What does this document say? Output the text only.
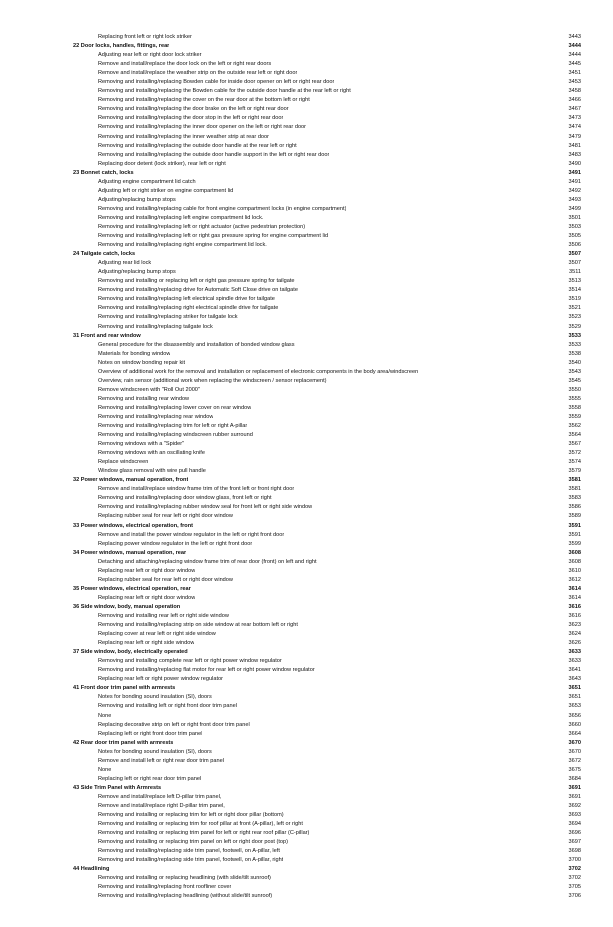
Replacing front left or right lock striker	3443
22 Door locks, handles, fittings, rear	3444
Adjusting rear left or right door lock striker	3444
Remove and install/replace the door lock on the left or right rear doors	3445
Remove and install/replace the weather strip on the outside rear left or right door	3451
Removing and installing/replacing Bowden cable for inside door opener on left or right rear door	3453
Removing and installing/replacing the Bowden cable for the outside door handle at the rear left or right	3458
Removing and installing/replacing the cover on the rear door at the bottom left or right	3466
Removing and installing/replacing the door brake on the left or right rear door	3467
Removing and installing/replacing the door stop in the left or right rear door	3473
Removing and installing/replacing the inner door opener on the left or right rear door	3474
Removing and installing/replacing the inner weather strip at rear door	3479
Removing and installing/replacing the outside door handle at the rear left or right	3481
Removing and installing/replacing the outside door handle support in the left or right rear door	3483
Replacing door detent (lock striker), rear left or right	3490
23 Bonnet catch, locks	3491
Adjusting engine compartment lid catch	3491
Adjusting left or right striker on engine compartment lid	3492
Adjusting/replacing bump stops	3493
Removing and installing/replacing cable for front engine compartment locks (in engine compartment)	3499
Removing and installing/replacing left engine compartment lid lock.	3501
Removing and installing/replacing left or right actuator (active pedestrian protection)	3503
Removing and installing/replacing left or right gas pressure spring for engine compartment lid	3505
Removing and installing/replacing right engine compartment lid lock.	3506
24 Tailgate catch, locks	3507
Adjusting rear lid lock	3507
Adjusting/replacing bump stops	3511
Removing and installing or replacing left or right gas pressure spring for tailgate	3513
Removing and installing/replacing drive for Automatic Soft Close drive on tailgate	3514
Removing and installing/replacing left electrical spindle drive for tailgate	3519
Removing and installing/replacing right electrical spindle drive for tailgate	3521
Removing and installing/replacing striker for tailgate lock	3523
Removing and installing/replacing tailgate lock	3529
31 Front and rear window	3533
General procedure for the disassembly and installation of bonded window glass	3533
Materials for bonding window	3538
Notes on window bonding repair kit	3540
Overview of additional work for the removal and installation or replacement of electronic components in the body area/windscreen	3543
Overview, rain sensor (additional work when replacing the windscreen / sensor replacement)	3545
Remove windscreen with "Roll Out 2000"	3550
Removing and installing rear window	3555
Removing and installing/replacing lower cover on rear window	3558
Removing and installing/replacing rear window	3559
Removing and installing/replacing trim for left or right A-pillar	3562
Removing and installing/replacing windscreen rubber surround	3564
Removing windows with a "Spider"	3567
Removing windows with an oscillating knife	3572
Replace windscreen	3574
Window glass removal with wire pull handle	3579
32 Power windows, manual operation, front	3581
Remove and install/replace window frame trim of the front left or front right door	3581
Removing and installing/replacing door window glass, front left or right	3583
Removing and installing/replacing rubber window seal for front left or right side window	3586
Replacing rubber seal for rear left or right door window	3589
33 Power windows, electrical operation, front	3591
Remove and install the power window regulator in the left or right front door	3591
Replacing power window regulator in the left or right front door	3599
34 Power windows, manual operation, rear	3608
Detaching and attaching/replacing window frame trim of rear door (front) on left and right	3608
Replacing rear left or right door window	3610
Replacing rubber seal for rear left or right door window	3612
35 Power windows, electrical operation, rear	3614
Replacing rear left or right door window	3614
36 Side window, body, manual operation	3616
Removing and installing rear left or right side window	3616
Removing and installing/replacing strip on side window at rear bottom left or right	3623
Replacing cover at rear left or right side window	3624
Replacing rear left or right side window	3626
37 Side window, body, electrically operated	3633
Removing and installing complete rear left or right power window regulator	3633
Removing and installing/replacing flat motor for rear left or right power window regulator	3641
Replacing rear left or right power window regulator	3643
41 Front door trim panel with armrests	3651
Notes for bonding sound insulation (SI), doors	3651
Removing and installing left or right front door trim panel	3653
None	3656
Replacing decorative strip on left or right front door trim panel	3660
Replacing left or right front door trim panel	3664
42 Rear door trim panel with armrests	3670
Notes for bonding sound insulation (SI), doors	3670
Remove and install left or right rear door trim panel	3672
None	3675
Replacing left or right rear door trim panel	3684
43 Side Trim Panel with Armrests	3691
Remove and install/replace left D-pillar trim panel,	3691
Remove and install/replace right D-pillar trim panel,	3692
Removing and installing or replacing trim for left or right door pillar (bottom)	3693
Removing and installing or replacing trim for roof pillar at front (A-pillar), left or right	3694
Removing and installing or replacing trim panel for left or right rear roof pillar (C-pillar)	3696
Removing and installing or replacing trim panel on left or right door post (top)	3697
Removing and installing/replacing side trim panel, footwell, on A-pillar, left	3698
Removing and installing/replacing side trim panel, footwell, on A-pillar, right	3700
44 Headlining	3702
Removing and installing or replacing headlining (with slide/tilt sunroof)	3702
Removing and installing/replacing front roofliner cover	3705
Removing and installing/replacing headlining (without slide/tilt sunroof)	3706
